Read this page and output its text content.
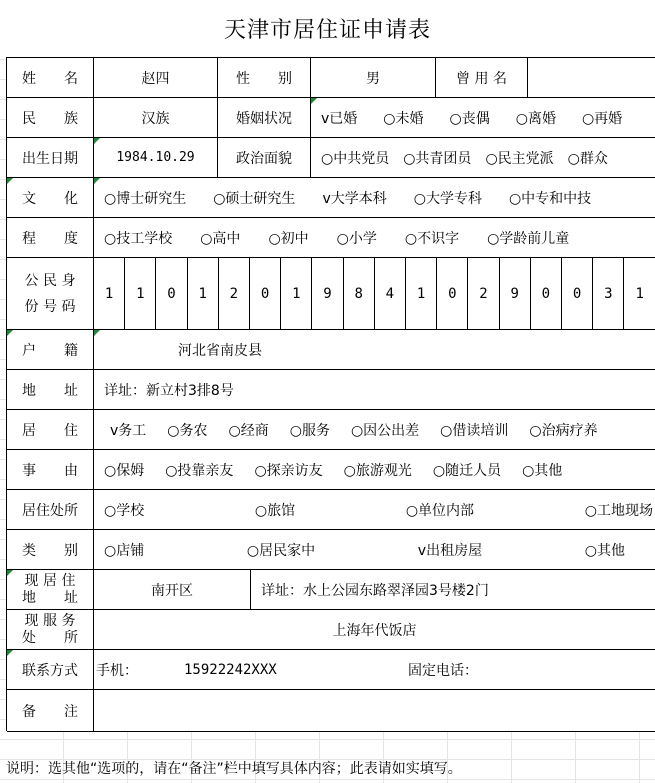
天津市居住证申请表
姓　　名	赵四	性　　别	男	曾 用 名
民　　族	汉族	婚姻状况	v已婚 ○未婚 ○丧偶 ○离婚 ○再婚
出生日期	1984.10.29	政治面貌	○中共党员 ○共青团员 ○民主党派 ○群众
文　　化	○博士研究生 ○硕士研究生 v大学本科 ○大学专科 ○中专和中技
程　　度	○技工学校 ○高中 ○初中 ○小学 ○不识字 ○学龄前儿童
公 民 身
份 号 码
1	1	0	1	2	0	1	9	8	4	1	0	2	9	0	0	3	1
户　　籍	河北省南皮县
地　　址	详址：新立村3排8号
居　　住	v务工 ○务农 ○经商 ○服务 ○因公出差 ○借读培训 ○治病疗养
事　　由	○保姆 ○投靠亲友 ○探亲访友 ○旅游观光 ○随迁人员 ○其他
居住处所	○学校	○旅馆	○单位内部	○工地现场
类　　别	○店铺	○居民家中	v出租房屋	○其他
现 居 住
地　　址	南开区	详址：水上公园东路翠泽园3号楼2门
现 服 务
处　　所	上海年代饭店
联系方式	手机：	15922242XXX	固定电话：
备　　注
说明：选其他“选项的，请在“备注”栏中填写具体内容；此表请如实填写。
